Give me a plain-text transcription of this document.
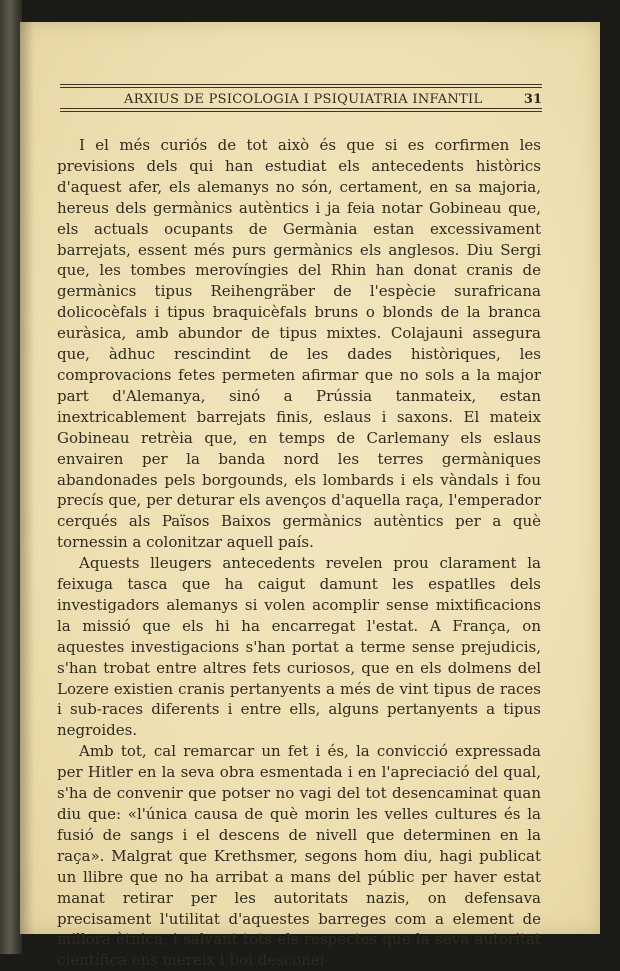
ARXIUS DE PSICOLOGIA I PSIQUIATRIA INFANTIL	31

I el més curiós de tot això és que si es corfirmen les previsions dels qui han estudiat els antecedents històrics d'aquest afer, els alemanys no són, certament, en sa majoria, hereus dels germànics autèntics i ja feia notar Gobineau que, els actuals ocupants de Germània estan excessivament barrejats, essent més purs germànics els anglesos. Diu Sergi que, les tombes merovíngies del Rhin han donat cranis de germànics tipus Reihengräber de l'espècie surafricana dolicocèfals i tipus braquicèfals bruns o blonds de la branca euràsica, amb abundor de tipus mixtes. Colajauni assegura que, àdhuc rescindint de les dades històriques, les comprovacions fetes permeten afirmar que no sols a la major part d'Alemanya, sinó a Prússia tanmateix, estan inextricablement barrejats finis, eslaus i saxons. El mateix Gobineau retrèia que, en temps de Carlemany els eslaus envairen per la banda nord les terres germàniques abandonades pels borgounds, els lombards i els vàndals i fou precís que, per deturar els avenços d'aquella raça, l'emperador cerqués als Països Baixos germànics autèntics per a què tornessin a colonitzar aquell país.

Aquests lleugers antecedents revelen prou clarament la feixuga tasca que ha caigut damunt les espatlles dels investigadors alemanys si volen acomplir sense mixtificacions la missió que els hi ha encarregat l'estat. A França, on aquestes investigacions s'han portat a terme sense prejudicis, s'han trobat entre altres fets curiosos, que en els dolmens del Lozere existien cranis pertanyents a més de vint tipus de races i sub-races diferents i entre ells, alguns pertanyents a tipus negroides.

Amb tot, cal remarcar un fet i és, la convicció expressada per Hitler en la seva obra esmentada i en l'apreciació del qual, s'ha de convenir que potser no vagi del tot desencaminat quan diu que: «l'única causa de què morin les velles cultures és la fusió de sangs i el descens de nivell que determinen en la raça». Malgrat que Krethsmer, segons hom diu, hagi publicat un llibre que no ha arribat a mans del públic per haver estat manat retirar per les autoritats nazis, on defensava precisament l'utilitat d'aquestes barreges com a element de millora ètnica, i salvant tots els respectes que la seva autoritat científica ens mereix i boi desconei-
